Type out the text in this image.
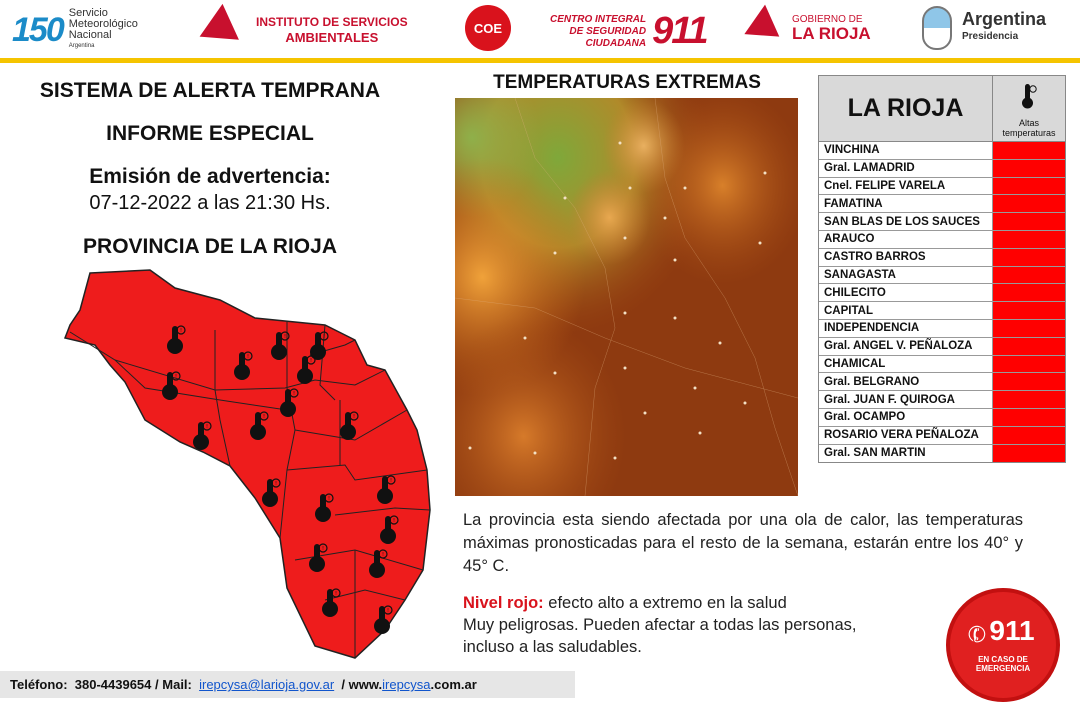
150 Servicio
Meteorológico
Nacional
Argentina
INSTITUTO DE SERVICIOS
AMBIENTALES
COE
CENTRO INTEGRAL
DE SEGURIDAD
CIUDADANA 911	GOBIERNO DE
LA RIOJA
Argentina
Presidencia
SISTEMA DE ALERTA TEMPRANA
INFORME ESPECIAL
Emisión de advertencia:
07-12-2022 a las 21:30 Hs.
PROVINCIA DE LA RIOJA
!
TEMPERATURAS EXTREMAS
LA RIOJA
Altas temperaturas
VINCHINA
Gral. LAMADRID
Cnel. FELIPE VARELA
FAMATINA
SAN BLAS DE LOS SAUCES
ARAUCO
CASTRO BARROS
SANAGASTA
CHILECITO
CAPITAL
INDEPENDENCIA
Gral. ANGEL V. PEÑALOZA
CHAMICAL
Gral. BELGRANO
Gral. JUAN F. QUIROGA
Gral. OCAMPO
ROSARIO VERA PEÑALOZA
Gral. SAN MARTIN
La provincia esta siendo afectada por una ola de calor, las temperaturas máximas pronosticadas para el resto de la semana, estarán entre los 40° y 45° C.
Nivel rojo: efecto alto a extremo en la salud
Muy peligrosas. Pueden afectar a todas las personas,
incluso a las saludables.	✆ 911
EN CASO DE
EMERGENCIA
Teléfono:
380-4439654
/ Mail:
irepcysa@larioja.gov.ar
/ www. irepcysa .com.ar
